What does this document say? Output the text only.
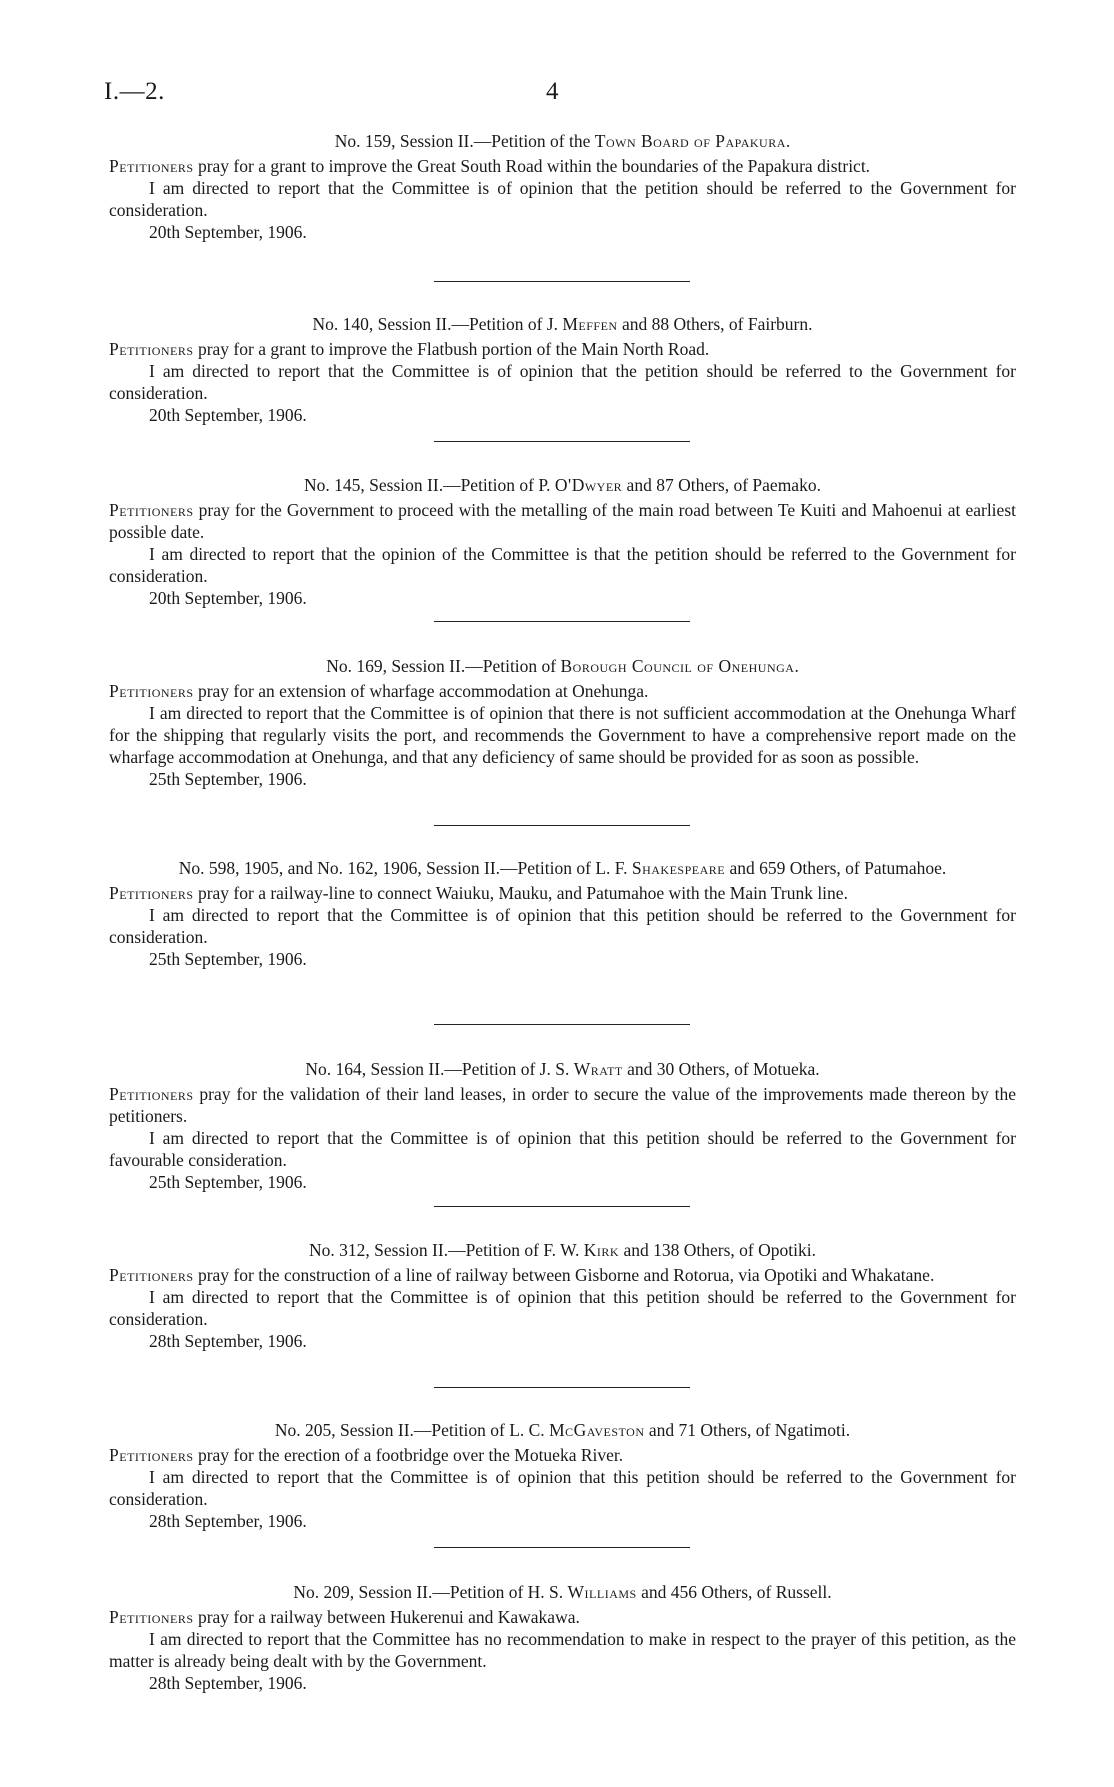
I.—2.	4

No. 159, Session II.—Petition of the Town Board of Papakura.

Petitioners pray for a grant to improve the Great South Road within the boundaries of the Papakura district.

I am directed to report that the Committee is of opinion that the petition should be referred to the Government for consideration.

20th September, 1906.

No. 140, Session II.—Petition of J. Meffen and 88 Others, of Fairburn.

Petitioners pray for a grant to improve the Flatbush portion of the Main North Road.

I am directed to report that the Committee is of opinion that the petition should be referred to the Government for consideration.

20th September, 1906.

No. 145, Session II.—Petition of P. O'Dwyer and 87 Others, of Paemako.

Petitioners pray for the Government to proceed with the metalling of the main road between Te Kuiti and Mahoenui at earliest possible date.

I am directed to report that the opinion of the Committee is that the petition should be referred to the Government for consideration.

20th September, 1906.

No. 169, Session II.—Petition of Borough Council of Onehunga.

Petitioners pray for an extension of wharfage accommodation at Onehunga.

I am directed to report that the Committee is of opinion that there is not sufficient accommodation at the Onehunga Wharf for the shipping that regularly visits the port, and recommends the Government to have a comprehensive report made on the wharfage accommodation at Onehunga, and that any deficiency of same should be provided for as soon as possible.

25th September, 1906.

No. 598, 1905, and No. 162, 1906, Session II.—Petition of L. F. Shakespeare and 659 Others, of Patumahoe.

Petitioners pray for a railway-line to connect Waiuku, Mauku, and Patumahoe with the Main Trunk line.

I am directed to report that the Committee is of opinion that this petition should be referred to the Government for consideration.

25th September, 1906.

No. 164, Session II.—Petition of J. S. Wratt and 30 Others, of Motueka.

Petitioners pray for the validation of their land leases, in order to secure the value of the improvements made thereon by the petitioners.

I am directed to report that the Committee is of opinion that this petition should be referred to the Government for favourable consideration.

25th September, 1906.

No. 312, Session II.—Petition of F. W. Kirk and 138 Others, of Opotiki.

Petitioners pray for the construction of a line of railway between Gisborne and Rotorua, via Opotiki and Whakatane.

I am directed to report that the Committee is of opinion that this petition should be referred to the Government for consideration.

28th September, 1906.

No. 205, Session II.—Petition of L. C. McGaveston and 71 Others, of Ngatimoti.

Petitioners pray for the erection of a footbridge over the Motueka River.

I am directed to report that the Committee is of opinion that this petition should be referred to the Government for consideration.

28th September, 1906.

No. 209, Session II.—Petition of H. S. Williams and 456 Others, of Russell.

Petitioners pray for a railway between Hukerenui and Kawakawa.

I am directed to report that the Committee has no recommendation to make in respect to the prayer of this petition, as the matter is already being dealt with by the Government.

28th September, 1906.
